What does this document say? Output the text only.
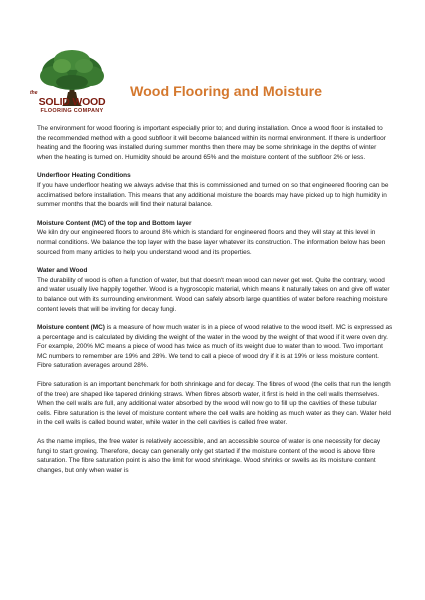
the
SOLID WOOD
FLOORING COMPANY
Wood Flooring and Moisture

The environment for wood flooring is important especially prior to; and during installation. Once a wood floor is installed to the recommended method with a good subfloor it will become balanced within its normal environment. If there is underfloor heating and the flooring was installed during summer months then there may be some shrinkage in the depths of winter when the heating is turned on. Humidity should be around 65% and the moisture content of the subfloor 2% or less.

Underfloor Heating Conditions

If you have underfloor heating we always advise that this is commissioned and turned on so that engineered flooring can be acclimatised before installation. This means that any additional moisture the boards may have picked up to high humidity in summer months that the boards will find their natural balance.

Moisture Content (MC) of the top and Bottom layer

We kiln dry our engineered floors to around 8% which is standard for engineered floors and they will stay at this level in normal conditions. We balance the top layer with the base layer whatever its construction. The information below has been sourced from many articles to help you understand wood and its properties.

Water and Wood

The durability of wood is often a function of water, but that doesn't mean wood can never get wet. Quite the contrary, wood and water usually live happily together. Wood is a hygroscopic material, which means it naturally takes on and give off water to balance out with its surrounding environment. Wood can safely absorb large quantities of water before reaching moisture content levels that will be inviting for decay fungi.

Moisture content (MC) is a measure of how much water is in a piece of wood relative to the wood itself. MC is expressed as a percentage and is calculated by dividing the weight of the water in the wood by the weight of that wood if it were oven dry. For example, 200% MC means a piece of wood has twice as much of its weight due to water than to wood. Two important MC numbers to remember are 19% and 28%. We tend to call a piece of wood dry if it is at 19% or less moisture content. Fibre saturation averages around 28%.

Fibre saturation is an important benchmark for both shrinkage and for decay. The fibres of wood (the cells that run the length of the tree) are shaped like tapered drinking straws. When fibres absorb water, it first is held in the cell walls themselves. When the cell walls are full, any additional water absorbed by the wood will now go to fill up the cavities of these tubular cells. Fibre saturation is the level of moisture content where the cell walls are holding as much water as they can. Water held in the cell walls is called bound water, while water in the cell cavities is called free water.

As the name implies, the free water is relatively accessible, and an accessible source of water is one necessity for decay fungi to start growing. Therefore, decay can generally only get started if the moisture content of the wood is above fibre saturation. The fibre saturation point is also the limit for wood shrinkage. Wood shrinks or swells as its moisture content changes, but only when water is
